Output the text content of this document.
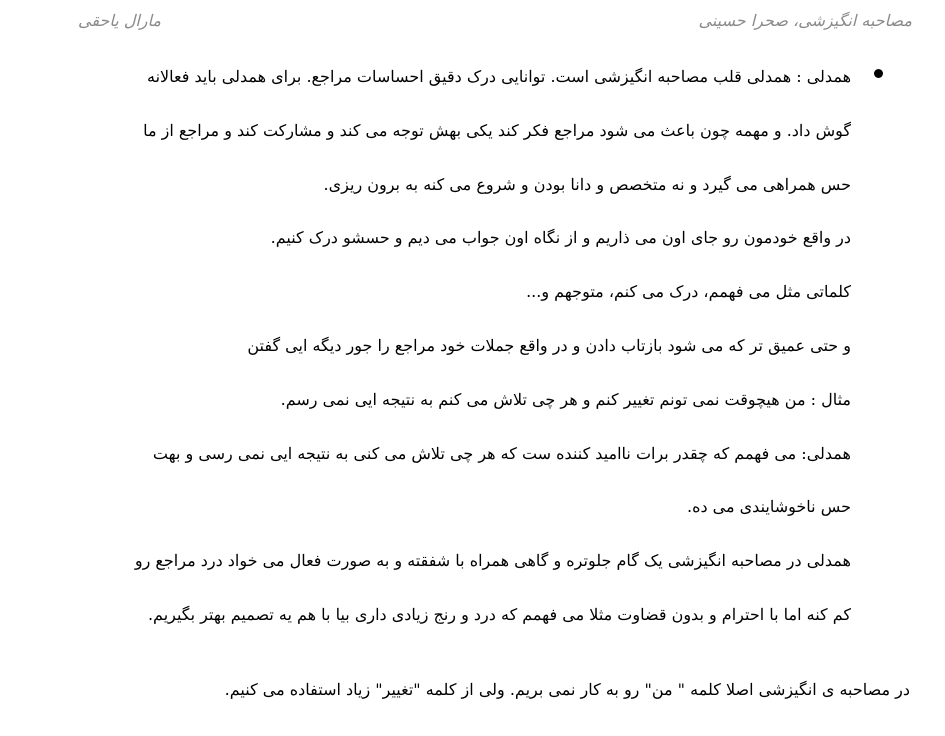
مصاحبه انگیزشی، صحرا حسینی
مارال یاحقی
همدلی : همدلی قلب مصاحبه انگیزشی است. توانایی درک دقیق احساسات مراجع. برای همدلی باید فعالانه
گوش داد. و مهمه چون باعث می شود مراجع فکر کند یکی بهش توجه می کند و مشارکت کند و مراجع از ما
حس همراهی می گیرد و نه متخصص و دانا بودن و شروع می کنه به برون ریزی.
در واقع خودمون رو جای اون می ذاریم و از نگاه اون جواب می دیم و حسشو درک کنیم.
کلماتی مثل می فهمم، درک می کنم، متوجهم و...
و حتی عمیق تر که می شود بازتاب دادن و در واقع جملات خود مراجع را جور دیگه ایی گفتن
مثال : من هیچوقت نمی تونم تغییر کنم و هر چی تلاش می کنم به نتیجه ایی نمی رسم.
همدلی: می فهمم که چقدر برات ناامید کننده ست که هر چی تلاش می کنی به نتیجه ایی نمی رسی و بهت
حس ناخوشایندی می ده.
همدلی در مصاحبه انگیزشی یک گام جلوتره و گاهی همراه با شفقته و به صورت فعال می خواد درد مراجع رو
کم کنه اما با احترام و بدون قضاوت مثلا می فهمم که درد و رنج زیادی داری بیا با هم یه تصمیم بهتر بگیریم.
در مصاحبه ی انگیزشی اصلا کلمه " من" رو به کار نمی بریم. ولی از کلمه "تغییر" زیاد استفاده می کنیم.
